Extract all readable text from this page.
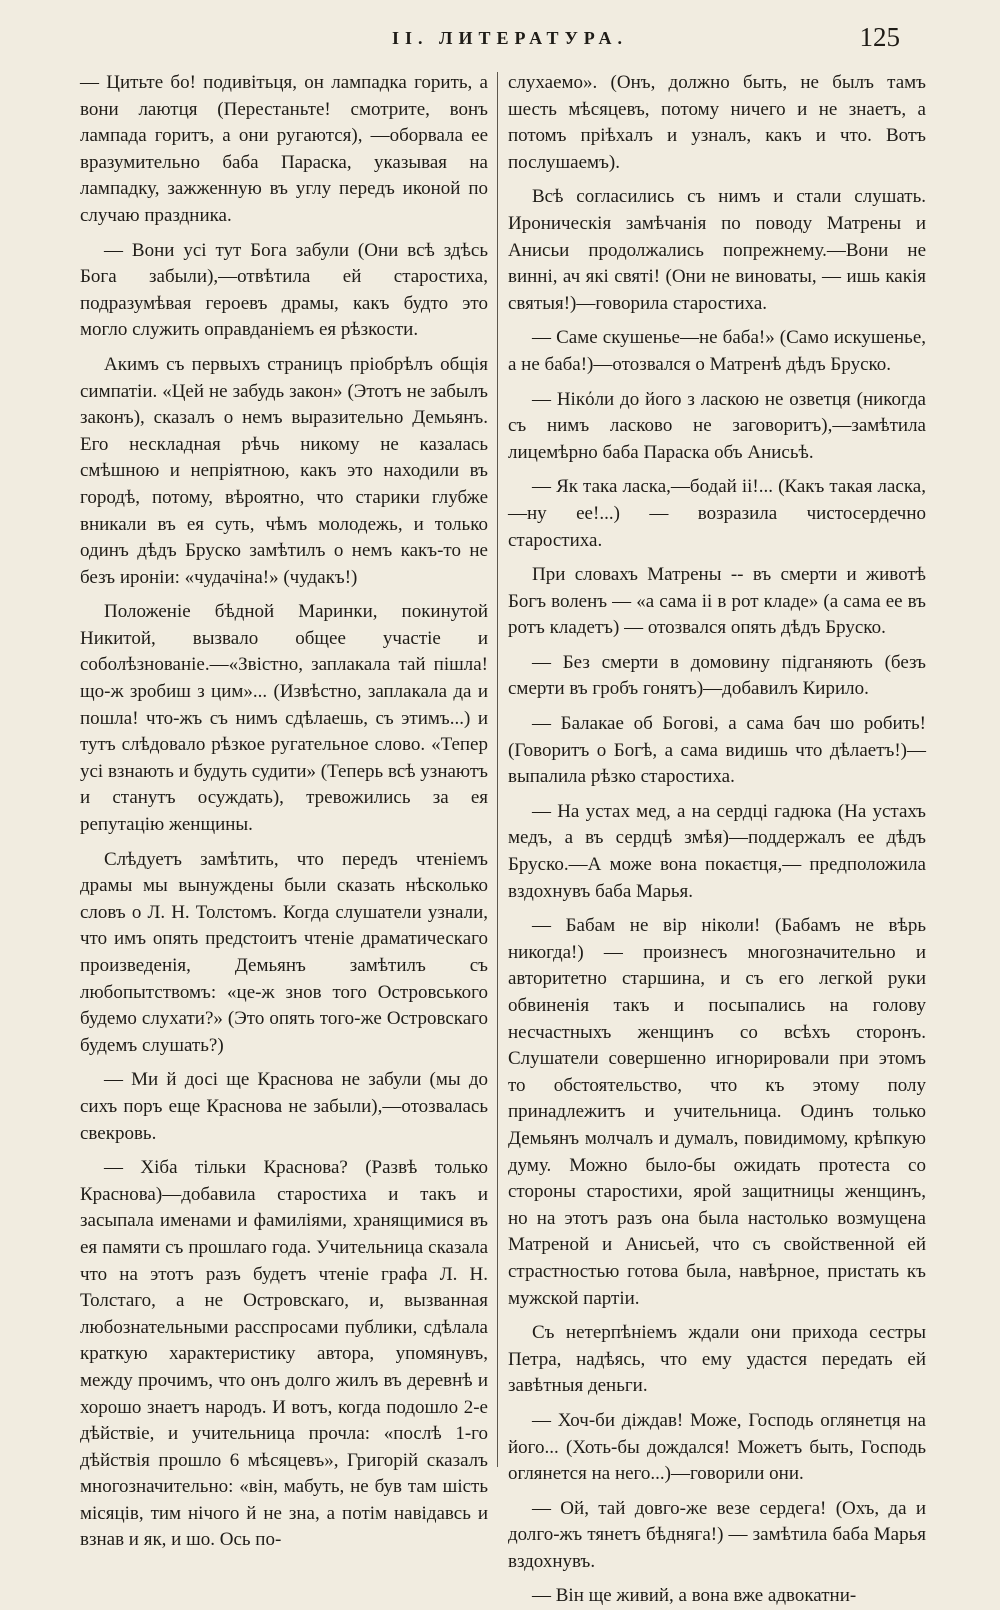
II. ЛИТЕРАТУРА.	125

— Цитьте бо! подивітьця, он лампадка горить, а вони лаютця (Перестаньте! смотрите, вонъ лампада горитъ, а они ругаются), —оборвала ее вразумительно баба Параска, указывая на лампадку, зажженную въ углу передъ иконой по случаю праздника.

— Вони усі тут Бога забули (Они всѣ здѣсь Бога забыли),—отвѣтила ей старостиха, подразумѣвая героевъ драмы, какъ будто это могло служить оправданіемъ ея рѣзкости.

Акимъ съ первыхъ страницъ пріобрѣлъ общія симпатіи. «Цей не забудь закон» (Этотъ не забылъ законъ), сказалъ о немъ выразительно Демьянъ. Его нескладная рѣчь никому не казалась смѣшною и непріятною, какъ это находили въ городѣ, потому, вѣроятно, что старики глубже вникали въ ея суть, чѣмъ молодежь, и только одинъ дѣдъ Бруско замѣтилъ о немъ какъ-то не безъ ироніи: «чудачіна!» (чудакъ!)

Положеніе бѣдной Маринки, покинутой Никитой, вызвало общее участіе и соболѣзнованіе.—«Звістно, заплакала тай пішла! що-ж зробиш з цим»... (Извѣстно, заплакала да и пошла! что-жъ съ нимъ сдѣлаешь, съ этимъ...) и тутъ слѣдовало рѣзкое ругательное слово. «Тепер усі взнають и будуть судити» (Теперь всѣ узнаютъ и станутъ осуждать), тревожились за ея репутацію женщины.

Слѣдуетъ замѣтить, что передъ чтеніемъ драмы мы вынуждены были сказать нѣсколько словъ о Л. Н. Толстомъ. Когда слушатели узнали, что имъ опять предстоитъ чтеніе драматическаго произведенія, Демьянъ замѣтилъ съ любопытствомъ: «це-ж знов того Островського будемо слухати?» (Это опять того-же Островскаго будемъ слушать?)

— Ми й досі ще Краснова не забули (мы до сихъ поръ еще Краснова не забыли),—отозвалась свекровь.

— Хіба тільки Краснова? (Развѣ только Краснова)—добавила старостиха и такъ и засыпала именами и фамиліями, хранящимися въ ея памяти съ прошлаго года. Учительница сказала что на этотъ разъ будетъ чтеніе графа Л. Н. Толстаго, а не Островскаго, и, вызванная любознательными расспросами публики, сдѣлала краткую характеристику автора, упомянувъ, между прочимъ, что онъ долго жилъ въ деревнѣ и хорошо знаетъ народъ. И вотъ, когда подошло 2-е дѣйствіе, и учительница прочла: «послѣ 1-го дѣйствія прошло 6 мѣсяцевъ», Григорій сказалъ многозначительно: «він, мабуть, не був там шість місяців, тим нічого й не зна, а потім навідавсь и взнав и як, и шо. Ось по-

слухаемо». (Онъ, должно быть, не былъ тамъ шесть мѣсяцевъ, потому ничего и не знаетъ, а потомъ пріѣхалъ и узналъ, какъ и что. Вотъ послушаемъ).

Всѣ согласились съ нимъ и стали слушать. Ироническія замѣчанія по поводу Матрены и Анисьи продолжались попрежнему.—Вони не винні, ач які святі! (Они не виноваты, — ишь какія святыя!)—говорила старостиха.

— Саме скушенье—не баба!» (Само искушенье, а не баба!)—отозвался о Матренѣ дѣдъ Бруско.

— Нікόли до його з ласкою не озветця (никогда съ нимъ ласково не заговоритъ),—замѣтила лицемѣрно баба Параска объ Анисьѣ.

— Як така ласка,—бодай ii!... (Какъ такая ласка,—ну ее!...) — возразила чистосердечно старостиха.

При словахъ Матрены -- въ смерти и животѣ Богъ воленъ — «а сама ii в рот кладе» (а сама ее въ ротъ кладетъ) — отозвался опять дѣдъ Бруско.

— Без смерти в домовину підганяють (безъ смерти въ гробъ гонятъ)—добавилъ Кирило.

— Балакае об Богові, а сама бач шо робить! (Говоритъ о Богѣ, а сама видишь что дѣлаетъ!)—выпалила рѣзко старостиха.

— На устах мед, а на сердці гадюка (На устахъ медъ, а въ сердцѣ змѣя)—поддержалъ ее дѣдъ Бруско.—А може вона покаєтця,— предположила вздохнувъ баба Марья.

— Бабам не вір ніколи! (Бабамъ не вѣрь никогда!) — произнесъ многозначительно и авторитетно старшина, и съ его легкой руки обвиненія такъ и посыпались на голову несчастныхъ женщинъ со всѣхъ сторонъ. Слушатели совершенно игнорировали при этомъ то обстоятельство, что къ этому полу принадлежитъ и учительница. Одинъ только Демьянъ молчалъ и думалъ, повидимому, крѣпкую думу. Можно было-бы ожидать протеста со стороны старостихи, ярой защитницы женщинъ, но на этотъ разъ она была настолько возмущена Матреной и Анисьей, что съ свойственной ей страстностью готова была, навѣрное, пристать къ мужской партіи.

Съ нетерпѣніемъ ждали они прихода сестры Петра, надѣясь, что ему удастся передать ей завѣтныя деньги.

— Хоч-би діждав! Може, Господь оглянетця на його... (Хоть-бы дождался! Можетъ быть, Господь оглянется на него...)—говорили они.

— Ой, тай довго-же везе сердега! (Охъ, да и долго-жъ тянетъ бѣдняга!) — замѣтила баба Марья вздохнувъ.

— Він ще живий, а вона вже адвокатни-
